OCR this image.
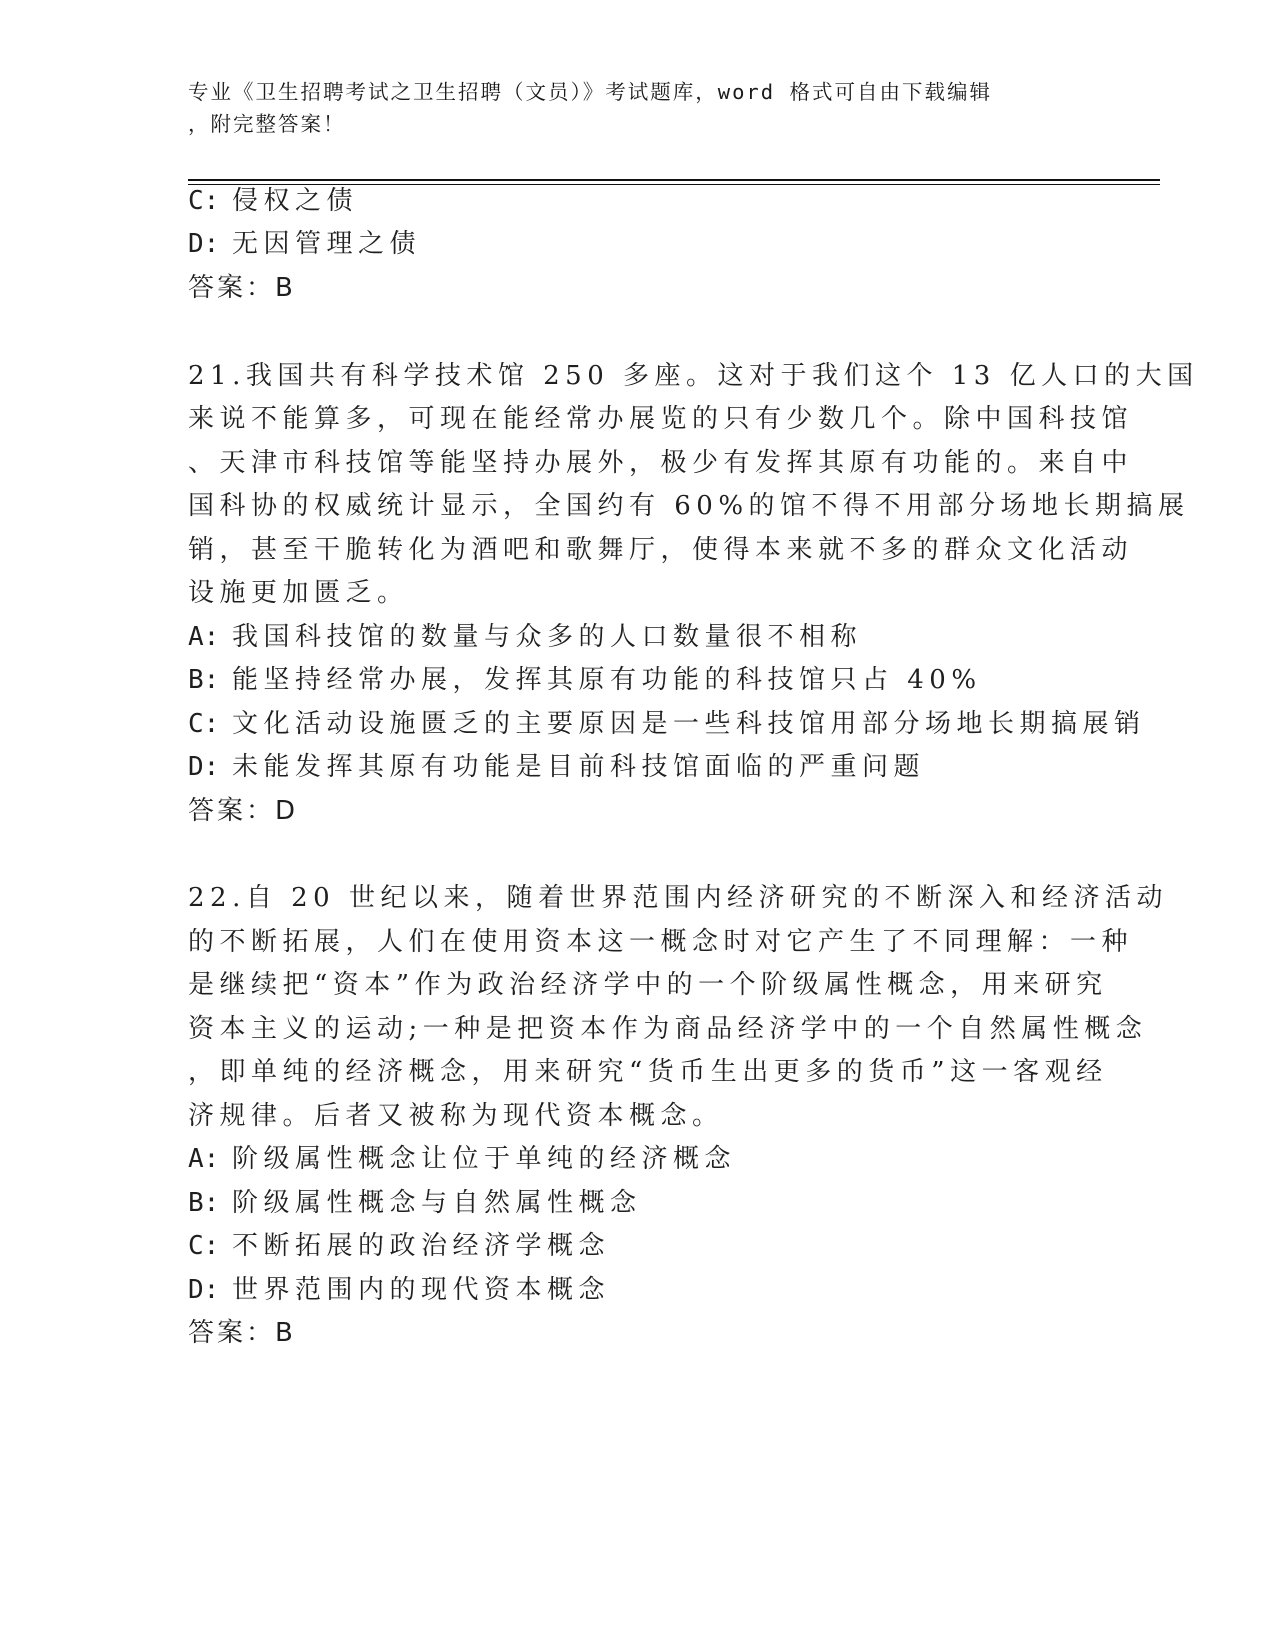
专业《卫生招聘考试之卫生招聘（文员）》考试题库，word 格式可自由下载编辑
，附完整答案！
C: 侵权之债
D: 无因管理之债
答案：B
21.我国共有科学技术馆 250 多座。这对于我们这个 13 亿人口的大国
来说不能算多，可现在能经常办展览的只有少数几个。除中国科技馆
、天津市科技馆等能坚持办展外，极少有发挥其原有功能的。来自中
国科协的权威统计显示，全国约有 60%的馆不得不用部分场地长期搞展
销，甚至干脆转化为酒吧和歌舞厅，使得本来就不多的群众文化活动
设施更加匮乏。
A: 我国科技馆的数量与众多的人口数量很不相称
B: 能坚持经常办展，发挥其原有功能的科技馆只占 40%
C: 文化活动设施匮乏的主要原因是一些科技馆用部分场地长期搞展销
D: 未能发挥其原有功能是目前科技馆面临的严重问题
答案：D
22.自 20 世纪以来，随着世界范围内经济研究的不断深入和经济活动
的不断拓展，人们在使用资本这一概念时对它产生了不同理解：一种
是继续把“资本”作为政治经济学中的一个阶级属性概念，用来研究
资本主义的运动;一种是把资本作为商品经济学中的一个自然属性概念
，即单纯的经济概念，用来研究“货币生出更多的货币”这一客观经
济规律。后者又被称为现代资本概念。
A: 阶级属性概念让位于单纯的经济概念
B: 阶级属性概念与自然属性概念
C: 不断拓展的政治经济学概念
D: 世界范围内的现代资本概念
答案：B
